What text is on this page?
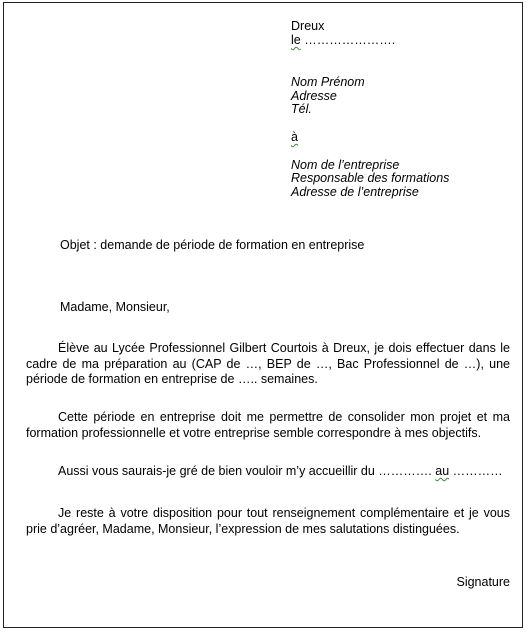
Dreux
le ………………….
Nom Prénom
Adresse
Tél.
à
Nom de l’entreprise
Responsable des formations
Adresse de l’entreprise
Objet : demande de période de formation en entreprise
Madame, Monsieur,
Élève au Lycée Professionnel Gilbert Courtois à Dreux, je dois effectuer dans le cadre de ma préparation au (CAP de …, BEP de …, Bac Professionnel de …), une période de formation en entreprise de ….. semaines.
Cette période en entreprise doit me permettre de consolider mon projet et ma formation professionnelle et votre entreprise semble correspondre à mes objectifs.
Aussi vous saurais-je gré de bien vouloir m’y accueillir du …………. au …………
Je reste à votre disposition pour tout renseignement complémentaire et je vous prie d’agréer, Madame, Monsieur, l’expression de mes salutations distinguées.
Signature
